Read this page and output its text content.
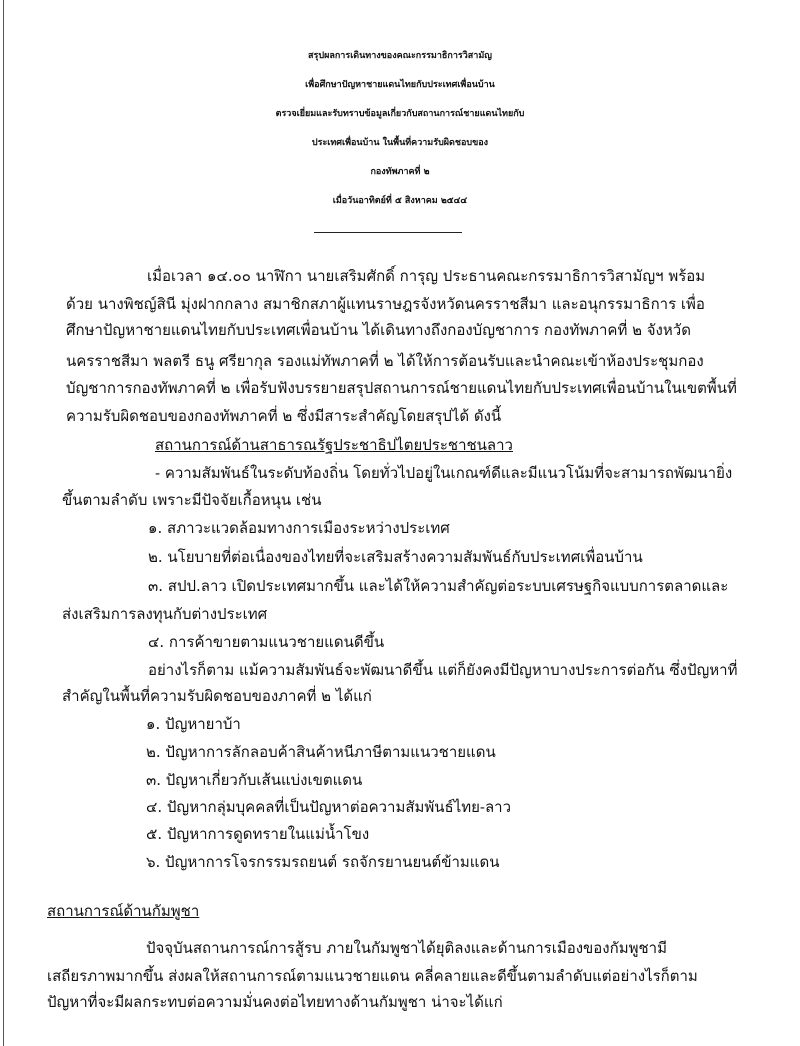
สรุปผลการเดินทางของคณะกรรมาธิการวิสามัญ
เพื่อศึกษาปัญหาชายแดนไทยกับประเทศเพื่อนบ้าน
ตรวจเยี่ยมและรับทราบข้อมูลเกี่ยวกับสถานการณ์ชายแดนไทยกับ
ประเทศเพื่อนบ้าน ในพื้นที่ความรับผิดชอบของ
กองทัพภาคที่ ๒
เมื่อวันอาทิตย์ที่ ๕ สิงหาคม ๒๕๔๔
เมื่อเวลา ๑๔.๐๐ นาฬิกา นายเสริมศักดิ์ การุญ ประธานคณะกรรมาธิการวิสามัญฯ พร้อม
ด้วย นางพิชญ์สินี มุ่งฝากกลาง สมาชิกสภาผู้แทนราษฎรจังหวัดนครราชสีมา และอนุกรรมาธิการ เพื่อ
ศึกษาปัญหาชายแดนไทยกับประเทศเพื่อนบ้าน ได้เดินทางถึงกองบัญชาการ กองทัพภาคที่ ๒ จังหวัด
นครราชสีมา พลตรี ธนู ศรียากุล รองแม่ทัพภาคที่ ๒ ได้ให้การต้อนรับและนำคณะเข้าห้องประชุมกอง
บัญชาการกองทัพภาคที่ ๒ เพื่อรับฟังบรรยายสรุปสถานการณ์ชายแดนไทยกับประเทศเพื่อนบ้านในเขตพื้นที่
ความรับผิดชอบของกองทัพภาคที่ ๒ ซึ่งมีสาระสำคัญโดยสรุปได้ ดังนี้
สถานการณ์ด้านสาธารณรัฐประชาธิปไตยประชาชนลาว
- ความสัมพันธ์ในระดับท้องถิ่น โดยทั่วไปอยู่ในเกณฑ์ดีและมีแนวโน้มที่จะสามารถพัฒนายิ่ง
ขึ้นตามลำดับ เพราะมีปัจจัยเกื้อหนุน เช่น
๑. สภาวะแวดล้อมทางการเมืองระหว่างประเทศ
๒. นโยบายที่ต่อเนื่องของไทยที่จะเสริมสร้างความสัมพันธ์กับประเทศเพื่อนบ้าน
๓. สปป.ลาว เปิดประเทศมากขึ้น และได้ให้ความสำคัญต่อระบบเศรษฐกิจแบบการตลาดและ
ส่งเสริมการลงทุนกับต่างประเทศ
๔. การค้าขายตามแนวชายแดนดีขึ้น
อย่างไรก็ตาม แม้ความสัมพันธ์จะพัฒนาดีขึ้น แต่ก็ยังคงมีปัญหาบางประการต่อกัน ซึ่งปัญหาที่
สำคัญในพื้นที่ความรับผิดชอบของภาคที่ ๒ ได้แก่
๑. ปัญหายาบ้า
๒. ปัญหาการลักลอบค้าสินค้าหนีภาษีตามแนวชายแดน
๓. ปัญหาเกี่ยวกับเส้นแบ่งเขตแดน
๔. ปัญหากลุ่มบุคคลที่เป็นปัญหาต่อความสัมพันธ์ไทย-ลาว
๕. ปัญหาการดูดทรายในแม่น้ำโขง
๖. ปัญหาการโจรกรรมรถยนต์ รถจักรยานยนต์ข้ามแดน
สถานการณ์ด้านกัมพูชา
ปัจจุบันสถานการณ์การสู้รบ ภายในกัมพูชาได้ยุติลงและด้านการเมืองของกัมพูชามี
เสถียรภาพมากขึ้น ส่งผลให้สถานการณ์ตามแนวชายแดน คลี่คลายและดีขึ้นตามลำดับแต่อย่างไรก็ตาม
ปัญหาที่จะมีผลกระทบต่อความมั่นคงต่อไทยทางด้านกัมพูชา น่าจะได้แก่
